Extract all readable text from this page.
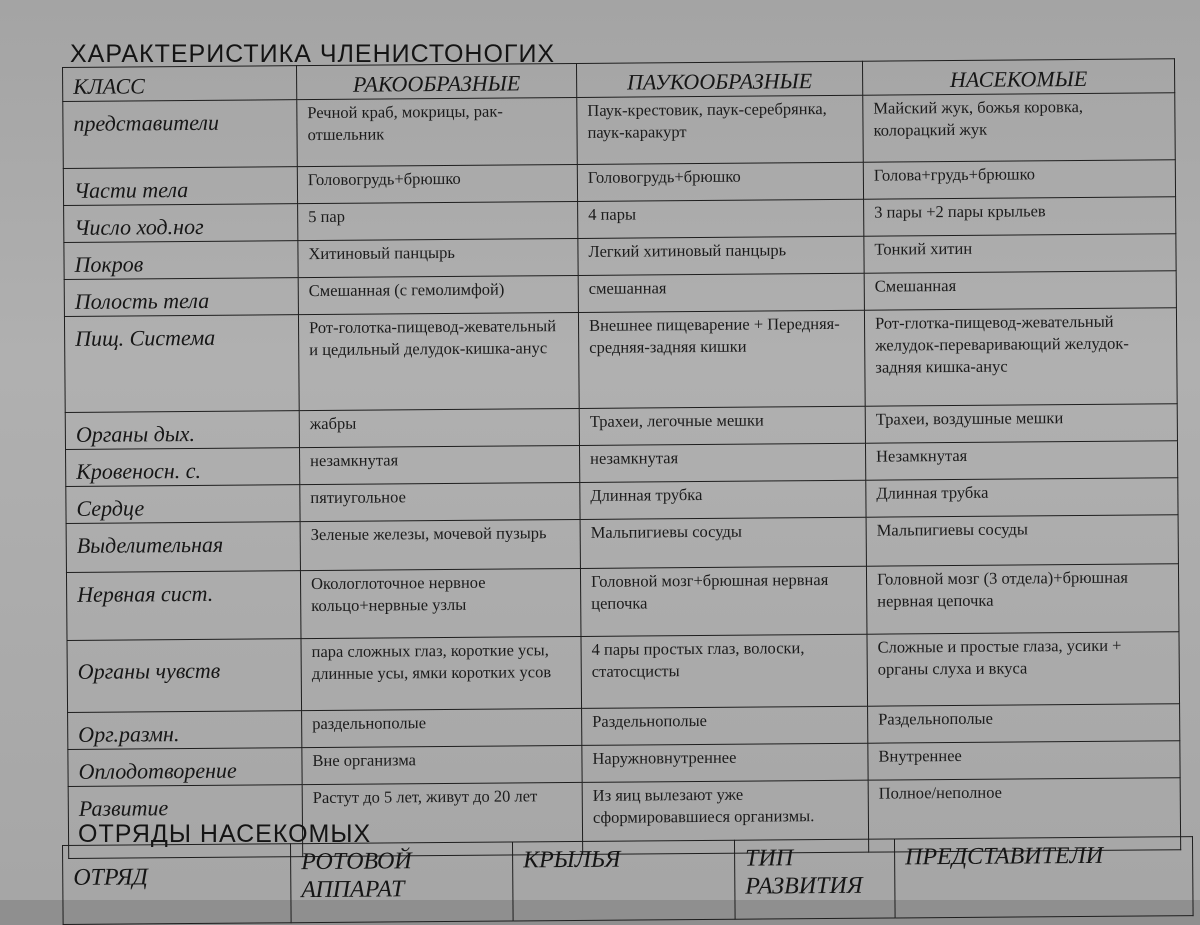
ХАРАКТЕРИСТИКА ЧЛЕНИСТОНОГИХ
КЛАСС	РАКООБРАЗНЫЕ	ПАУКООБРАЗНЫЕ	НАСЕКОМЫЕ
представители	Речной краб, мокрицы, рак-отшельник	Паук-крестовик, паук-серебрянка, паук-каракурт	Майский жук, божья коровка, колорацкий жук
Части тела	Головогрудь+брюшко	Головогрудь+брюшко	Голова+грудь+брюшко
Число ход.ног	5 пар	4 пары	3 пары +2 пары крыльев
Покров	Хитиновый панцырь	Легкий хитиновый панцырь	Тонкий хитин
Полость тела	Смешанная (с гемолимфой)	смешанная	Смешанная
Пищ. Система	Рот-голотка-пищевод-жевательный и цедильный делудок-кишка-анус	Внешнее пищеварение + Передняя-средняя-задняя кишки	Рот-глотка-пищевод-жевательный желудок-переваривающий желудок-задняя кишка-анус
Органы дых.	жабры	Трахеи, легочные мешки	Трахеи, воздушные мешки
Кровеносн. с.	незамкнутая	незамкнутая	Незамкнутая
Сердце	пятиугольное	Длинная трубка	Длинная трубка
Выделительная	Зеленые железы, мочевой пузырь	Мальпигиевы сосуды	Мальпигиевы сосуды
Нервная сист.	Окологлоточное нервное кольцо+нервные узлы	Головной мозг+брюшная нервная цепочка	Головной мозг (3 отдела)+брюшная нервная цепочка
Органы чувств	пара сложных глаз, короткие усы, длинные усы, ямки коротких усов	4 пары простых глаз, волоски, статосцисты	Сложные и простые глаза, усики + органы слуха и вкуса
Орг.размн.	раздельнополые	Раздельнополые	Раздельнополые
Оплодотворение	Вне организма	Наружновнутреннее	Внутреннее
Развитие	Растут до 5 лет, живут до 20 лет	Из яиц вылезают уже сформировавшиеся организмы.	Полное/неполное
ОТРЯДЫ НАСЕКОМЫХ
ОТРЯД	РОТОВОЙ АППАРАТ	КРЫЛЬЯ	ТИП РАЗВИТИЯ	ПРЕДСТАВИТЕЛИ
